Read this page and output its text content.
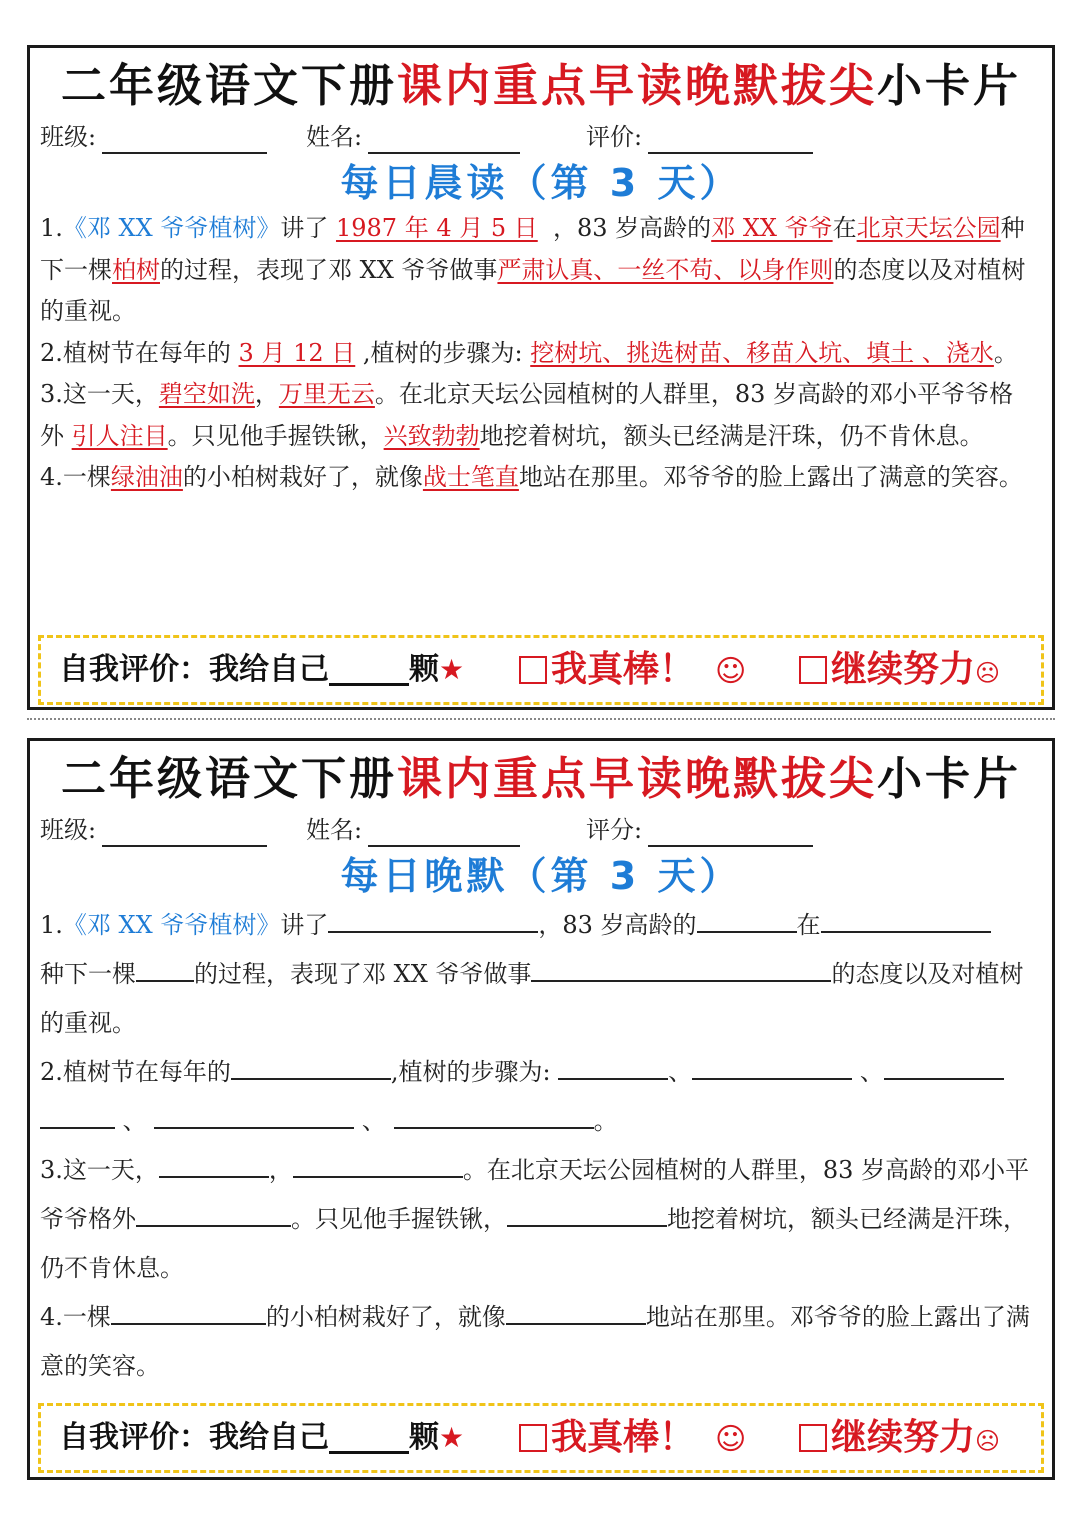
二年级语文下册课内重点早读晚默拔尖小卡片
班级:	姓名:	评价:
每日晨读（第 3 天）

1.《邓 XX 爷爷植树》讲了 1987 年 4 月 5 日 ，83 岁高龄的邓 XX 爷爷在北京天坛公园种下一棵柏树的过程，表现了邓 XX 爷爷做事严肃认真、一丝不苟、以身作则的态度以及对植树的重视。

2.植树节在每年的 3 月 12 日 ,植树的步骤为: 挖树坑、挑选树苗、移苗入坑、填土 、浇水。

3.这一天，碧空如洗，万里无云。在北京天坛公园植树的人群里，83 岁高龄的邓小平爷爷格外 引人注目。只见他手握铁锹，兴致勃勃地挖着树坑，额头已经满是汗珠，仍不肯休息。

4.一棵绿油油的小柏树栽好了，就像战士笔直地站在那里。邓爷爷的脸上露出了满意的笑容。

自我评价：我给自己	颗★	我真棒！ ☺	继续努力☹
二年级语文下册课内重点早读晚默拔尖小卡片
班级:	姓名:	评分:
每日晚默（第 3 天）

1.《邓 XX 爷爷植树》讲了	，83 岁高龄的	在
种下一棵 的过程，表现了邓 XX 爷爷做事	的态度以及对植树的重视。

2.植树节在每年的	,植树的步骤为:	、	、
、	、	。

3.这一天，	，	。在北京天坛公园植树的人群里，83 岁高龄的邓小平爷爷格外	。只见他手握铁锹，	地挖着树坑，额头已经满是汗珠，仍不肯休息。

4.一棵	的小柏树栽好了，就像	地站在那里。邓爷爷的脸上露出了满意的笑容。

自我评价：我给自己	颗★	我真棒！ ☺	继续努力☹
